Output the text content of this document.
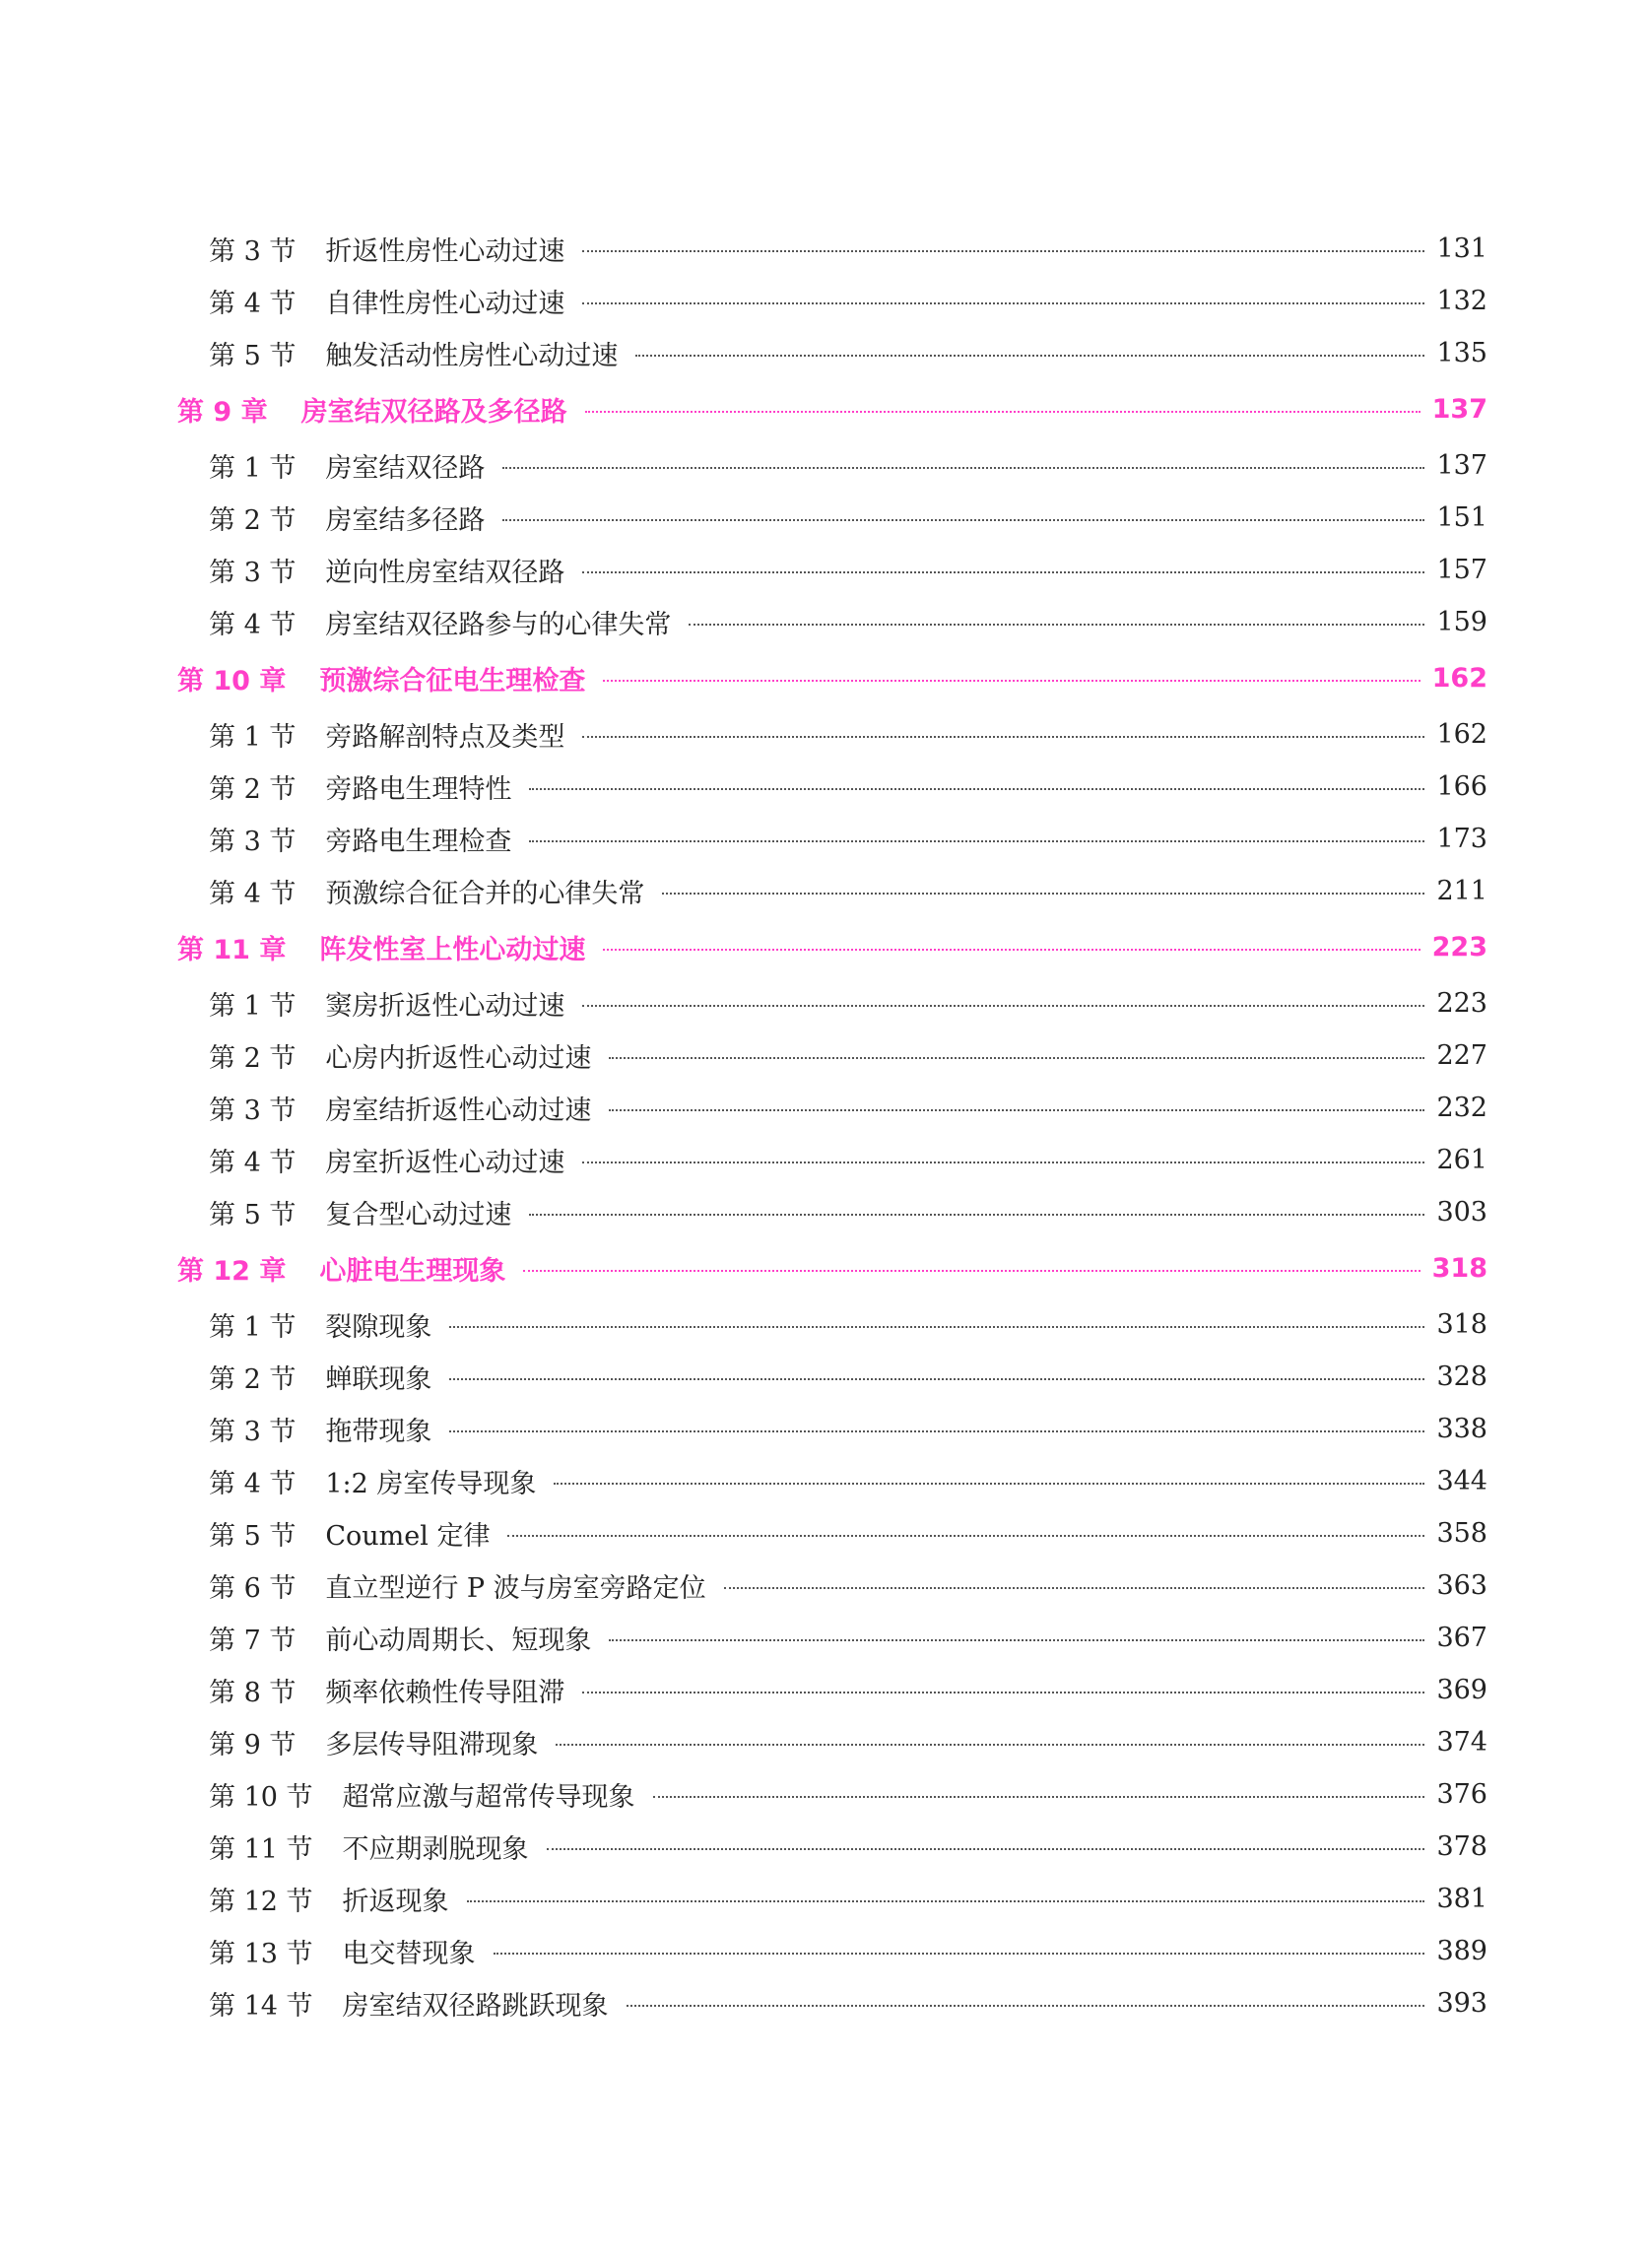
第 3 节 折返性房性心动过速	131
第 4 节 自律性房性心动过速	132
第 5 节 触发活动性房性心动过速	135
第 9 章 房室结双径路及多径路	137
第 1 节 房室结双径路	137
第 2 节 房室结多径路	151
第 3 节 逆向性房室结双径路	157
第 4 节 房室结双径路参与的心律失常	159
第 10 章 预激综合征电生理检查	162
第 1 节 旁路解剖特点及类型	162
第 2 节 旁路电生理特性	166
第 3 节 旁路电生理检查	173
第 4 节 预激综合征合并的心律失常	211
第 11 章 阵发性室上性心动过速	223
第 1 节 窦房折返性心动过速	223
第 2 节 心房内折返性心动过速	227
第 3 节 房室结折返性心动过速	232
第 4 节 房室折返性心动过速	261
第 5 节 复合型心动过速	303
第 12 章 心脏电生理现象	318
第 1 节 裂隙现象	318
第 2 节 蝉联现象	328
第 3 节 拖带现象	338
第 4 节 1:2 房室传导现象	344
第 5 节 Coumel 定律	358
第 6 节 直立型逆行 P 波与房室旁路定位	363
第 7 节 前心动周期长、短现象	367
第 8 节 频率依赖性传导阻滞	369
第 9 节 多层传导阻滞现象	374
第 10 节 超常应激与超常传导现象	376
第 11 节 不应期剥脱现象	378
第 12 节 折返现象	381
第 13 节 电交替现象	389
第 14 节 房室结双径路跳跃现象	393
